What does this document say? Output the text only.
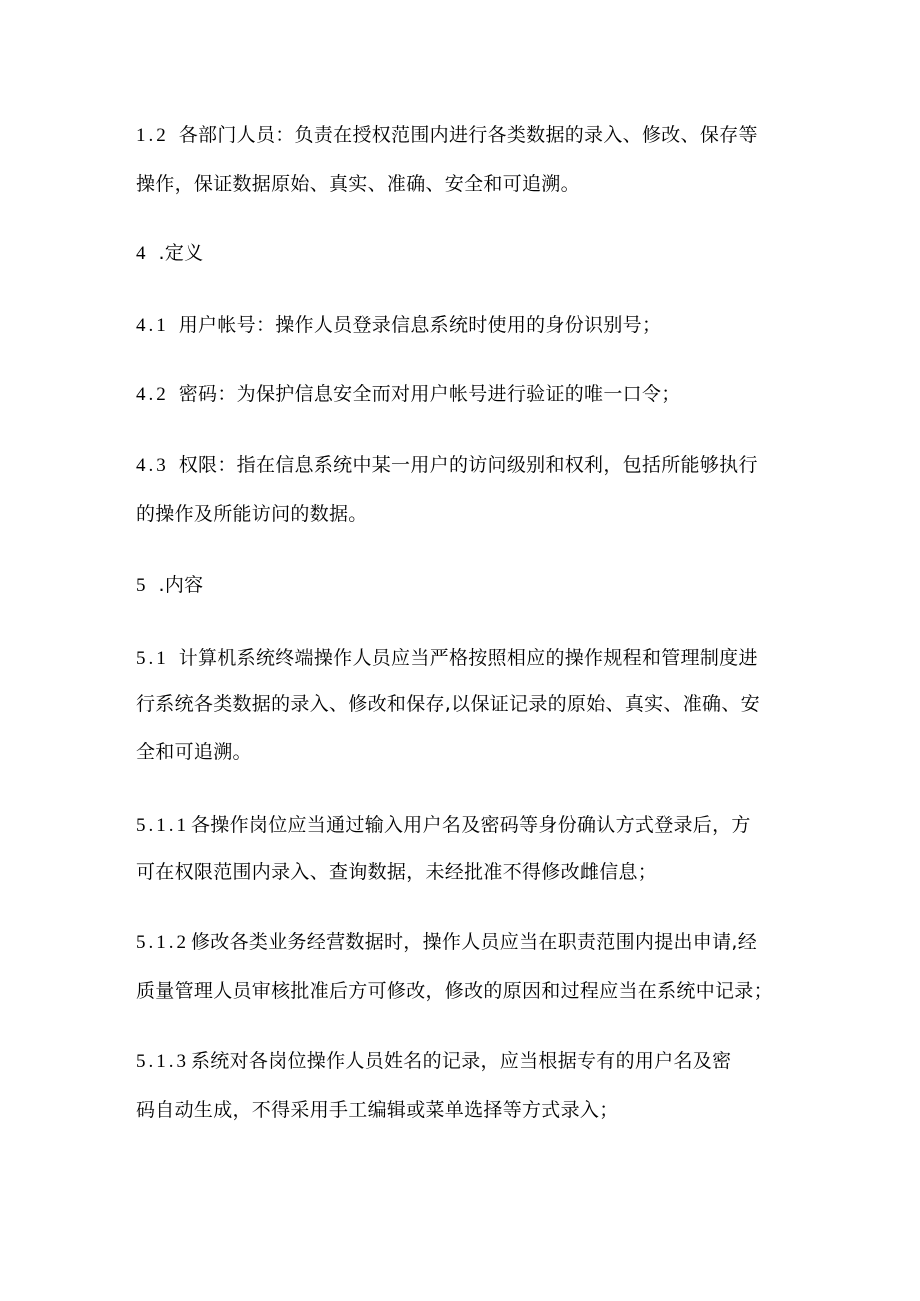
1.2 各部门人员：负责在授权范围内进行各类数据的录入、修改、保存等
操作，保证数据原始、真实、准确、安全和可追溯。
4 .定义
4.1 用户帐号：操作人员登录信息系统时使用的身份识别号；
4.2 密码：为保护信息安全而对用户帐号进行验证的唯一口令；
4.3 权限：指在信息系统中某一用户的访问级别和权利，包括所能够执行
的操作及所能访问的数据。
5 .内容
5.1 计算机系统终端操作人员应当严格按照相应的操作规程和管理制度进
行系统各类数据的录入、修改和保存,以保证记录的原始、真实、准确、安
全和可追溯。
5.1.1 各操作岗位应当通过输入用户名及密码等身份确认方式登录后，方
可在权限范围内录入、查询数据，未经批准不得修改雌信息；
5.1.2 修改各类业务经营数据时，操作人员应当在职责范围内提出申请,经
质量管理人员审核批准后方可修改，修改的原因和过程应当在系统中记录；
5.1.3 系统对各岗位操作人员姓名的记录，应当根据专有的用户名及密
码自动生成，不得采用手工编辑或菜单选择等方式录入；
